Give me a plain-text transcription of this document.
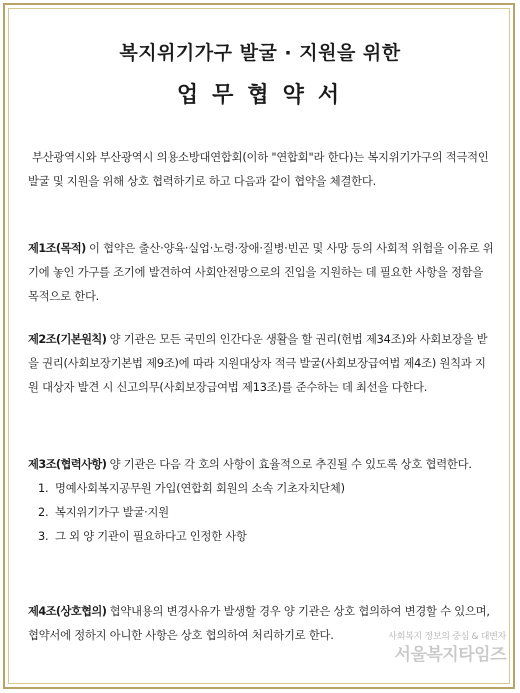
복지위기가구 발굴 · 지원을 위한
업무협약서
부산광역시와 부산광역시 의용소방대연합회(이하 "연합회"라 한다)는 복지위기가구의 적극적인 발굴 및 지원을 위해 상호 협력하기로 하고 다음과 같이 협약을 체결한다.
제1조(목적) 이 협약은 출산·양육·실업·노령·장애·질병·빈곤 및 사망 등의 사회적 위험을 이유로 위기에 놓인 가구를 조기에 발견하여 사회안전망으로의 진입을 지원하는 데 필요한 사항을 정함을 목적으로 한다.
제2조(기본원칙) 양 기관은 모든 국민의 인간다운 생활을 할 권리(헌법 제34조)와 사회보장을 받을 권리(사회보장기본법 제9조)에 따라 지원대상자 적극 발굴(사회보장급여법 제4조) 원칙과 지원 대상자 발견 시 신고의무(사회보장급여법 제13조)를 준수하는 데 최선을 다한다.
제3조(협력사항) 양 기관은 다음 각 호의 사항이 효율적으로 추진될 수 있도록 상호 협력한다.
1. 명예사회복지공무원 가입(연합회 회원의 소속 기초자치단체)
2. 복지위기가구 발굴·지원
3. 그 외 양 기관이 필요하다고 인정한 사항
제4조(상호협의) 협약내용의 변경사유가 발생할 경우 양 기관은 상호 협의하여 변경할 수 있으며, 협약서에 정하지 아니한 사항은 상호 협의하여 처리하기로 한다.	사회복지 정보의 중심 & 대변자
서울복지타임즈
